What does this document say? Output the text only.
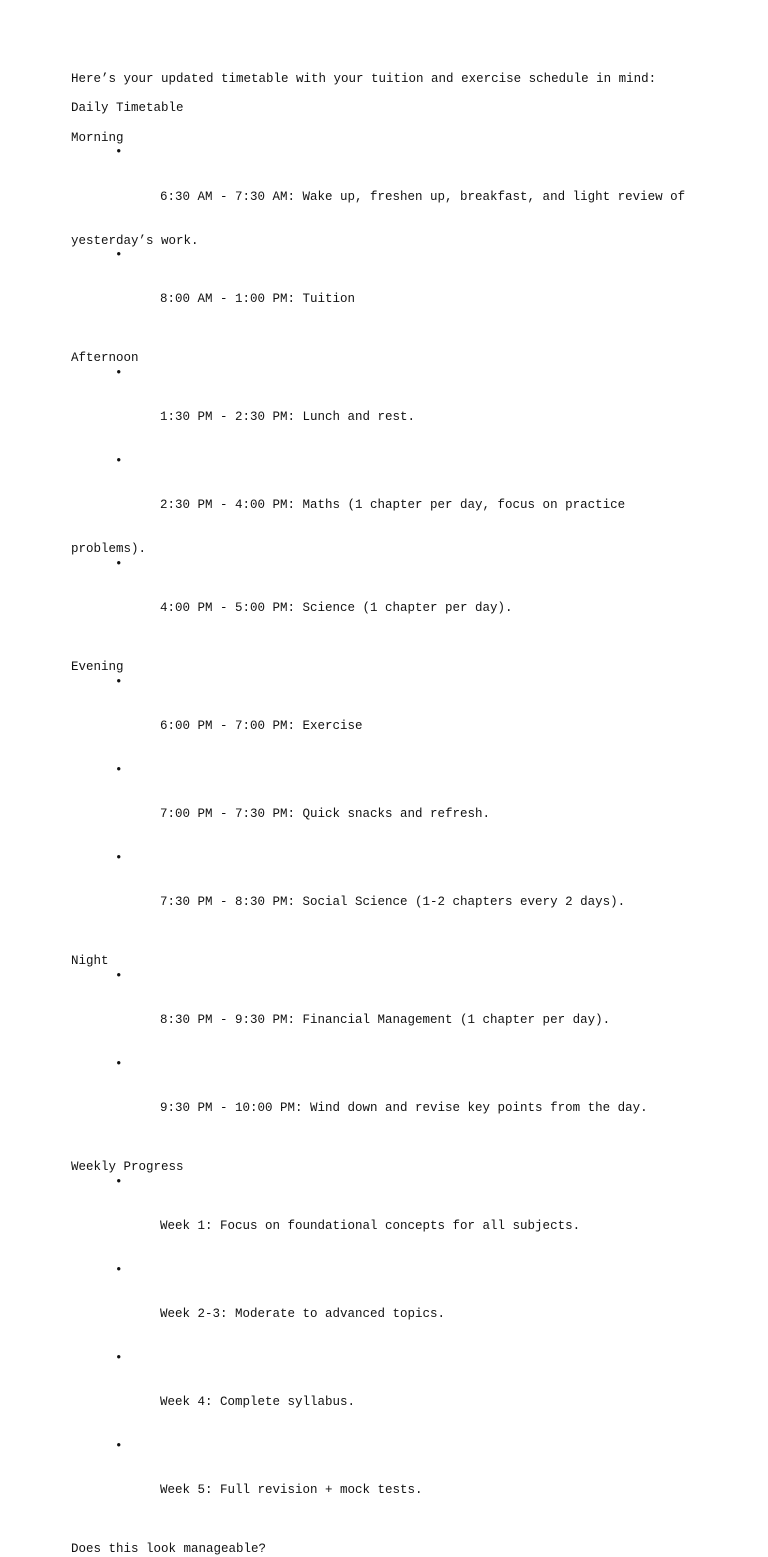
Here’s your updated timetable with your tuition and exercise schedule in mind:
Daily Timetable
Morning

•

6:30 AM - 7:30 AM: Wake up, freshen up, breakfast, and light review of

yesterday’s work.

•

8:00 AM - 1:00 PM: Tuition

Afternoon

•

1:30 PM - 2:30 PM: Lunch and rest.

•

2:30 PM - 4:00 PM: Maths (1 chapter per day, focus on practice

problems).

•

4:00 PM - 5:00 PM: Science (1 chapter per day).

Evening

•

6:00 PM - 7:00 PM: Exercise

•

7:00 PM - 7:30 PM: Quick snacks and refresh.

•

7:30 PM - 8:30 PM: Social Science (1-2 chapters every 2 days).

Night

•

8:30 PM - 9:30 PM: Financial Management (1 chapter per day).

•

9:30 PM - 10:00 PM: Wind down and revise key points from the day.

Weekly Progress

•

Week 1: Focus on foundational concepts for all subjects.

•

Week 2-3: Moderate to advanced topics.

•

Week 4: Complete syllabus.

•

Week 5: Full revision + mock tests.

Does this look manageable?
